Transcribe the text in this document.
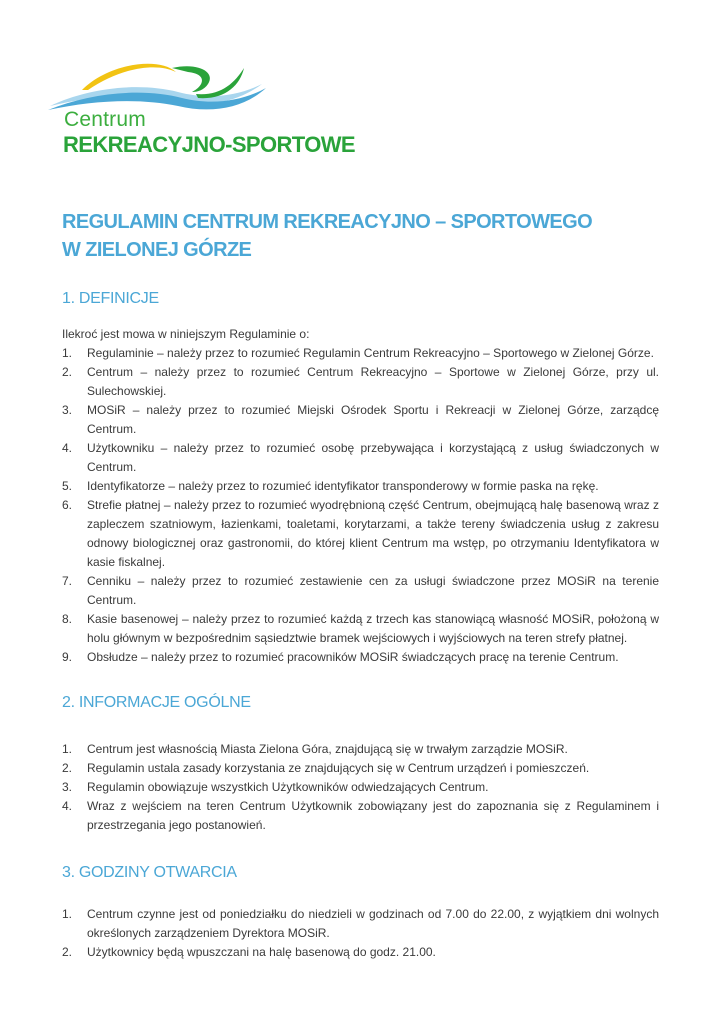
Centrum
REKREACYJNO-SPORTOWE
REGULAMIN CENTRUM REKREACYJNO – SPORTOWEGO
W ZIELONEJ GÓRZE
1. DEFINICJE
Ilekroć jest mowa w niniejszym Regulaminie o:
1. Regulaminie – należy przez to rozumieć Regulamin Centrum Rekreacyjno – Sportowego w Zielonej Górze.
2. Centrum – należy przez to rozumieć Centrum Rekreacyjno – Sportowe w Zielonej Górze, przy ul. Sulechowskiej.
3. MOSiR – należy przez to rozumieć Miejski Ośrodek Sportu i Rekreacji w Zielonej Górze, zarządcę Centrum.
4. Użytkowniku – należy przez to rozumieć osobę przebywająca i korzystającą z usług świadczonych w Centrum.
5. Identyfikatorze – należy przez to rozumieć identyfikator transponderowy w formie paska na rękę.
6. Strefie płatnej – należy przez to rozumieć wyodrębnioną część Centrum, obejmującą halę basenową wraz z zapleczem szatniowym, łazienkami, toaletami, korytarzami, a także tereny świadczenia usług z zakresu odnowy biologicznej oraz gastronomii, do której klient Centrum ma wstęp, po otrzymaniu Identyfikatora w kasie fiskalnej.
7. Cenniku – należy przez to rozumieć zestawienie cen za usługi świadczone przez MOSiR na terenie Centrum.
8. Kasie basenowej – należy przez to rozumieć każdą z trzech kas stanowiącą własność MOSiR, położoną w holu głównym w bezpośrednim sąsiedztwie bramek wejściowych i wyjściowych na teren strefy płatnej.
9. Obsłudze – należy przez to rozumieć pracowników MOSiR świadczących pracę na terenie Centrum.
2. INFORMACJE OGÓLNE
1. Centrum jest własnością Miasta Zielona Góra, znajdującą się w trwałym zarządzie MOSiR.
2. Regulamin ustala zasady korzystania ze znajdujących się w Centrum urządzeń i pomieszczeń.
3. Regulamin obowiązuje wszystkich Użytkowników odwiedzających Centrum.
4. Wraz z wejściem na teren Centrum Użytkownik zobowiązany jest do zapoznania się z Regulaminem i przestrzegania jego postanowień.
3. GODZINY OTWARCIA
1. Centrum czynne jest od poniedziałku do niedzieli w godzinach od 7.00 do 22.00, z wyjątkiem dni wolnych określonych zarządzeniem Dyrektora MOSiR.
2. Użytkownicy będą wpuszczani na halę basenową do godz. 21.00.
